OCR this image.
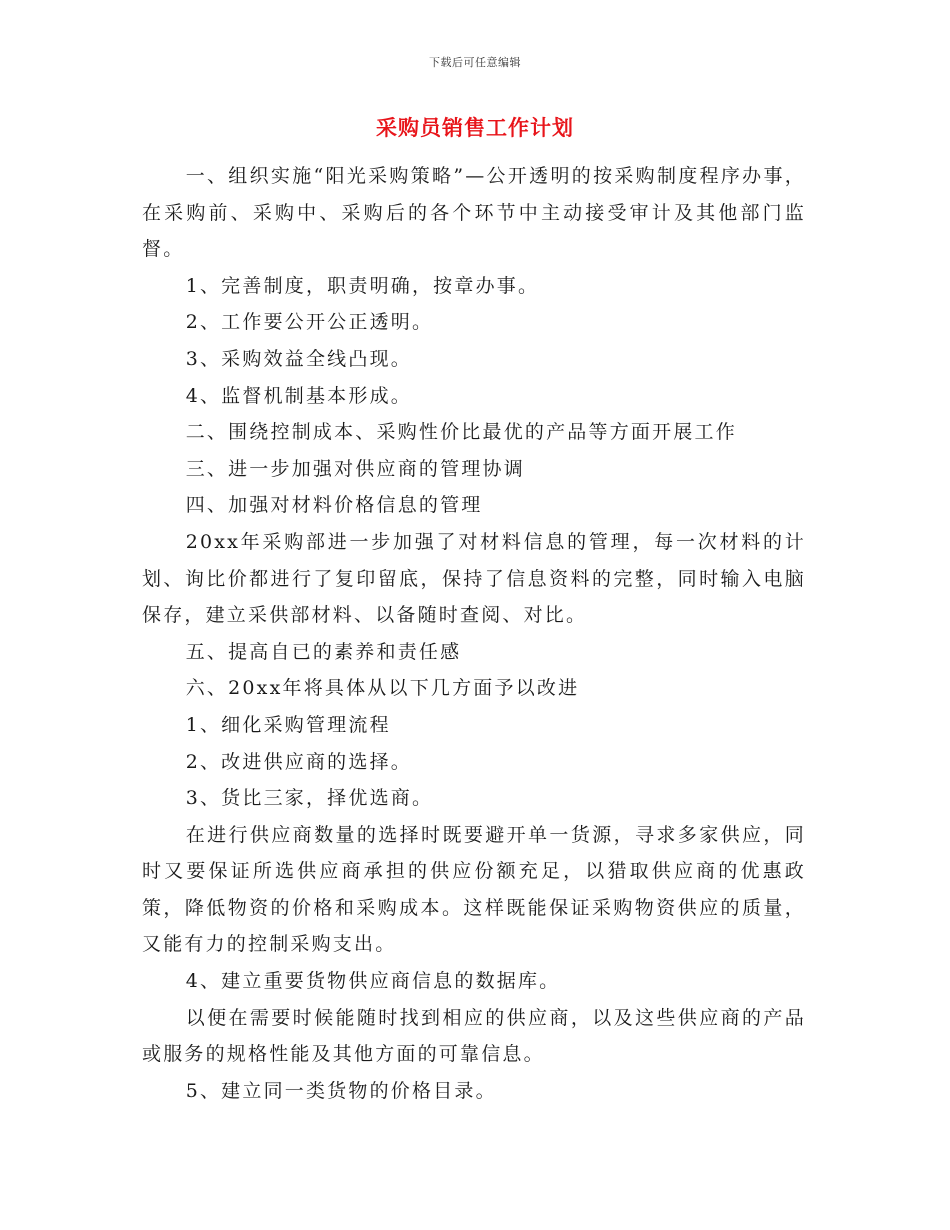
下载后可任意编辑
采购员销售工作计划

一、组织实施“阳光采购策略”—公开透明的按采购制度程序办事，在采购前、采购中、采购后的各个环节中主动接受审计及其他部门监督。

1、完善制度，职责明确，按章办事。

2、工作要公开公正透明。

3、采购效益全线凸现。

4、监督机制基本形成。

二、围绕控制成本、采购性价比最优的产品等方面开展工作

三、进一步加强对供应商的管理协调

四、加强对材料价格信息的管理

20xx年采购部进一步加强了对材料信息的管理，每一次材料的计划、询比价都进行了复印留底，保持了信息资料的完整，同时输入电脑保存，建立采供部材料、以备随时查阅、对比。

五、提高自已的素养和责任感

六、20xx年将具体从以下几方面予以改进

1、细化采购管理流程

2、改进供应商的选择。

3、货比三家，择优选商。

在进行供应商数量的选择时既要避开单一货源，寻求多家供应，同时又要保证所选供应商承担的供应份额充足，以猎取供应商的优惠政策，降低物资的价格和采购成本。这样既能保证采购物资供应的质量，又能有力的控制采购支出。

4、建立重要货物供应商信息的数据库。

以便在需要时候能随时找到相应的供应商，以及这些供应商的产品或服务的规格性能及其他方面的可靠信息。

5、建立同一类货物的价格目录。
